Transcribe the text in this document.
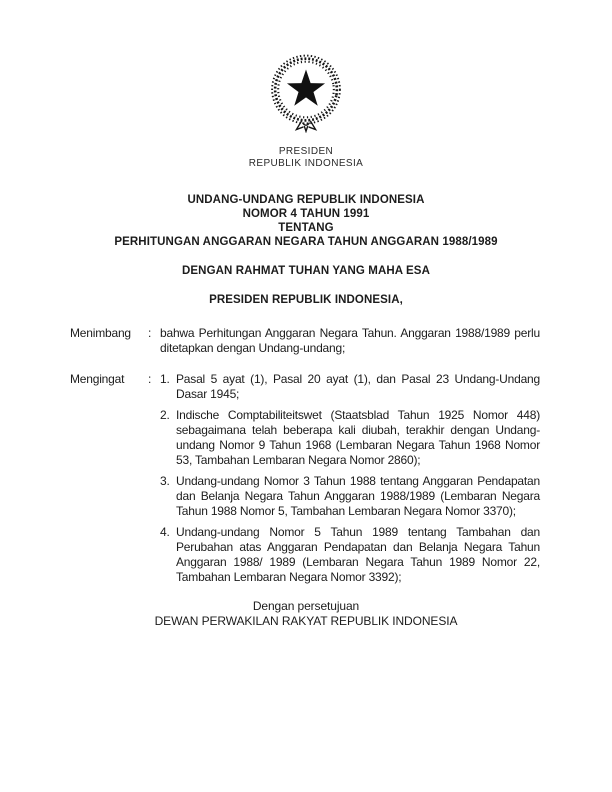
PRESIDEN
REPUBLIK INDONESIA
UNDANG-UNDANG REPUBLIK INDONESIA
NOMOR 4 TAHUN 1991
TENTANG
PERHITUNGAN ANGGARAN NEGARA TAHUN ANGGARAN 1988/1989
DENGAN RAHMAT TUHAN YANG MAHA ESA
PRESIDEN REPUBLIK INDONESIA,
Menimbang	: bahwa Perhitungan Anggaran Negara Tahun. Anggaran 1988/1989 perlu ditetapkan dengan Undang-undang;
Mengingat	: 1. Pasal 5 ayat (1), Pasal 20 ayat (1), dan Pasal 23 Undang-Undang Dasar 1945;
2. Indische Comptabiliteitswet (Staatsblad Tahun 1925 Nomor 448) sebagaimana telah beberapa kali diubah, terakhir dengan Undang-undang Nomor 9 Tahun 1968 (Lembaran Negara Tahun 1968 Nomor 53, Tambahan Lembaran Negara Nomor 2860);
3. Undang-undang Nomor 3 Tahun 1988 tentang Anggaran Pendapatan dan Belanja Negara Tahun Anggaran 1988/1989 (Lembaran Negara Tahun 1988 Nomor 5, Tambahan Lembaran Negara Nomor 3370);
4. Undang-undang Nomor 5 Tahun 1989 tentang Tambahan dan Perubahan atas Anggaran Pendapatan dan Belanja Negara Tahun Anggaran 1988/ 1989 (Lembaran Negara Tahun 1989 Nomor 22, Tambahan Lembaran Negara Nomor 3392);
Dengan persetujuan
DEWAN PERWAKILAN RAKYAT REPUBLIK INDONESIA
